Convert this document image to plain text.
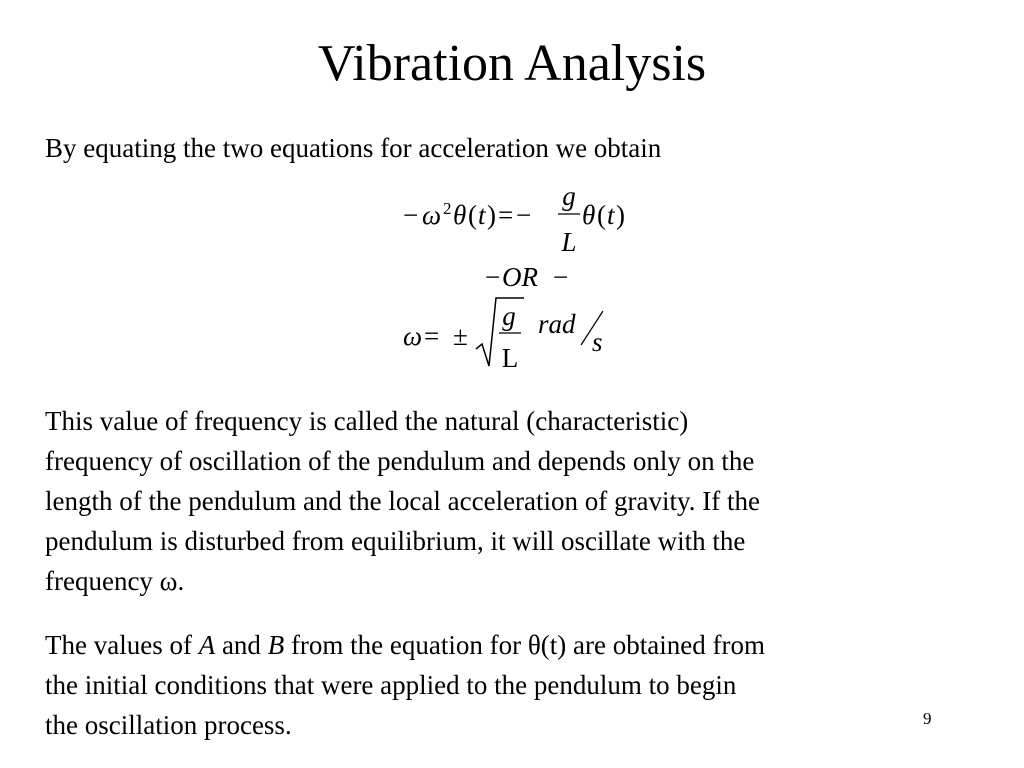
Vibration Analysis
By equating the two equations for acceleration we obtain
− ω 2 θ ( t ) = −
g
L
θ ( t )
− OR −
ω = ±
g
L
rad
s
This value of frequency is called the natural (characteristic)
frequency of oscillation of the pendulum and depends only on the
length of the pendulum and the local acceleration of gravity. If the
pendulum is disturbed from equilibrium, it will oscillate with the
frequency ω.
The values of A and B from the equation for θ(t) are obtained from
the initial conditions that were applied to the pendulum to begin
the oscillation process.	9
